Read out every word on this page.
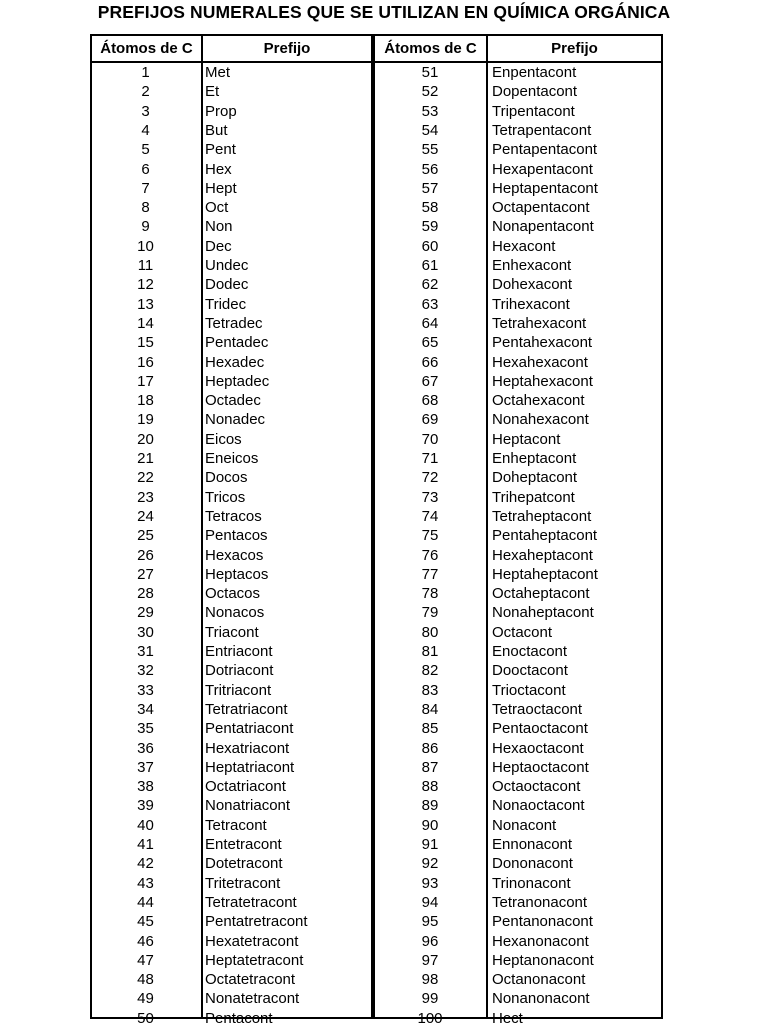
PREFIJOS NUMERALES QUE SE UTILIZAN EN QUÍMICA ORGÁNICA
Átomos de C	Prefijo	Átomos de C	Prefijo
1	Met	51	Enpentacont
2	Et	52	Dopentacont
3	Prop	53	Tripentacont
4	But	54	Tetrapentacont
5	Pent	55	Pentapentacont
6	Hex	56	Hexapentacont
7	Hept	57	Heptapentacont
8	Oct	58	Octapentacont
9	Non	59	Nonapentacont
10	Dec	60	Hexacont
11	Undec	61	Enhexacont
12	Dodec	62	Dohexacont
13	Tridec	63	Trihexacont
14	Tetradec	64	Tetrahexacont
15	Pentadec	65	Pentahexacont
16	Hexadec	66	Hexahexacont
17	Heptadec	67	Heptahexacont
18	Octadec	68	Octahexacont
19	Nonadec	69	Nonahexacont
20	Eicos	70	Heptacont
21	Eneicos	71	Enheptacont
22	Docos	72	Doheptacont
23	Tricos	73	Trihepatcont
24	Tetracos	74	Tetraheptacont
25	Pentacos	75	Pentaheptacont
26	Hexacos	76	Hexaheptacont
27	Heptacos	77	Heptaheptacont
28	Octacos	78	Octaheptacont
29	Nonacos	79	Nonaheptacont
30	Triacont	80	Octacont
31	Entriacont	81	Enoctacont
32	Dotriacont	82	Dooctacont
33	Tritriacont	83	Trioctacont
34	Tetratriacont	84	Tetraoctacont
35	Pentatriacont	85	Pentaoctacont
36	Hexatriacont	86	Hexaoctacont
37	Heptatriacont	87	Heptaoctacont
38	Octatriacont	88	Octaoctacont
39	Nonatriacont	89	Nonaoctacont
40	Tetracont	90	Nonacont
41	Entetracont	91	Ennonacont
42	Dotetracont	92	Dononacont
43	Tritetracont	93	Trinonacont
44	Tetratetracont	94	Tetranonacont
45	Pentatretracont	95	Pentanonacont
46	Hexatetracont	96	Hexanonacont
47	Heptatetracont	97	Heptanonacont
48	Octatetracont	98	Octanonacont
49	Nonatetracont	99	Nonanonacont
50	Pentacont	100	Hect
